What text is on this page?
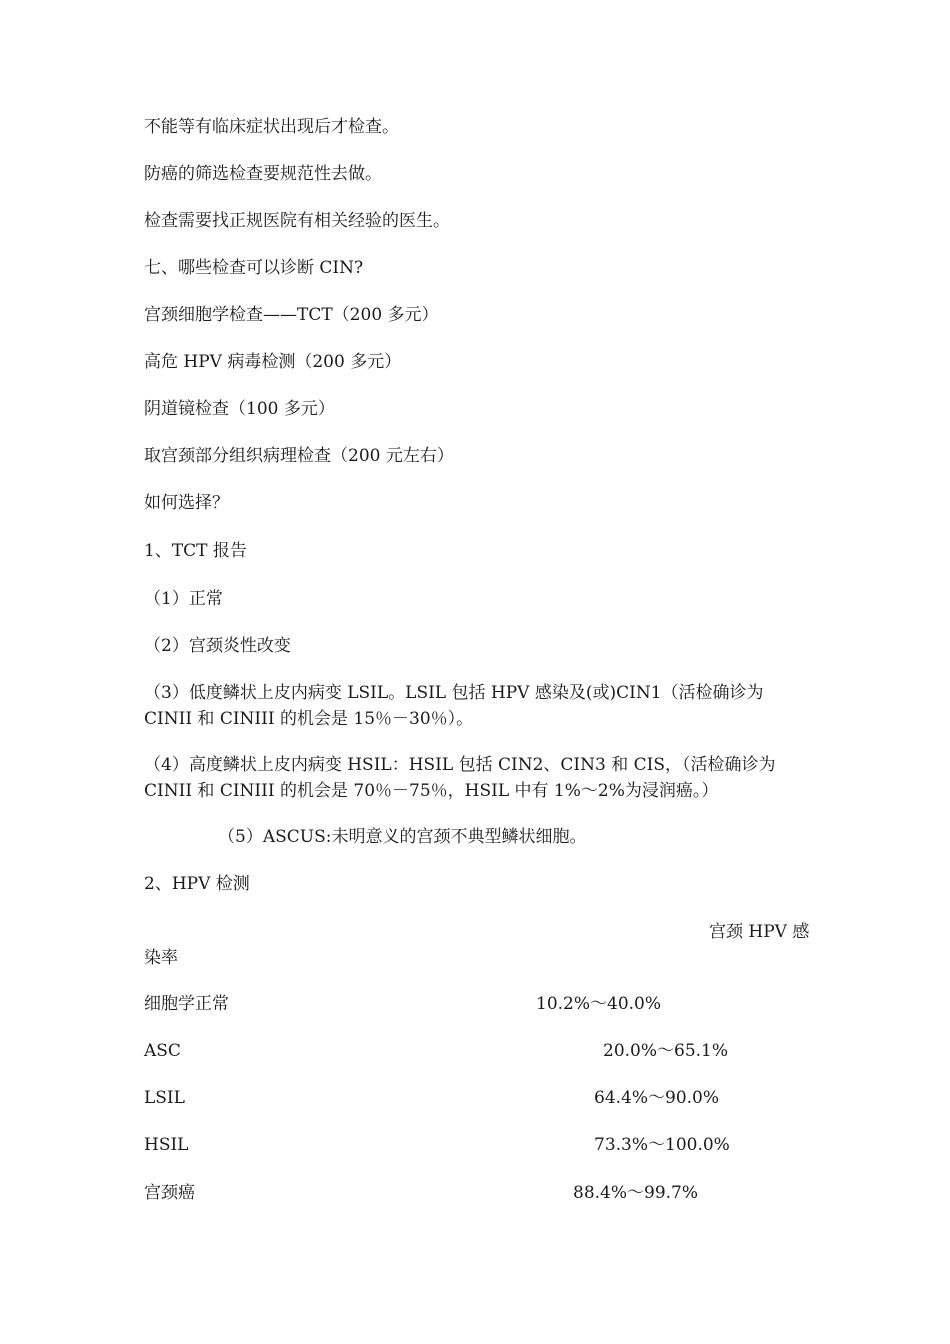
不能等有临床症状出现后才检查。
防癌的筛选检查要规范性去做。
检查需要找正规医院有相关经验的医生。
七、哪些检查可以诊断 CIN?
宫颈细胞学检查——TCT（200 多元）
高危 HPV 病毒检测（200 多元）
阴道镜检查（100 多元）
取宫颈部分组织病理检查（200 元左右）
如何选择？
1、TCT 报告
（1）正常
（2）宫颈炎性改变
（3）低度鳞状上皮内病变 LSIL。LSIL 包括 HPV 感染及(或)CIN1（活检确诊为
CINII 和 CINIII 的机会是 15％－30％）。
（4）高度鳞状上皮内病变 HSIL：HSIL 包括 CIN2、CIN3 和 CIS，（活检确诊为
CINII 和 CINIII 的机会是 70％－75％，HSIL 中有 1%～2%为浸润癌。）
（5）ASCUS:未明意义的宫颈不典型鳞状细胞。
2、HPV 检测
宫颈 HPV 感
染率
细胞学正常	10.2%～40.0%
ASC	20.0%～65.1%
LSIL	64.4%～90.0%
HSIL	73.3%～100.0%
宫颈癌	88.4%～99.7%
